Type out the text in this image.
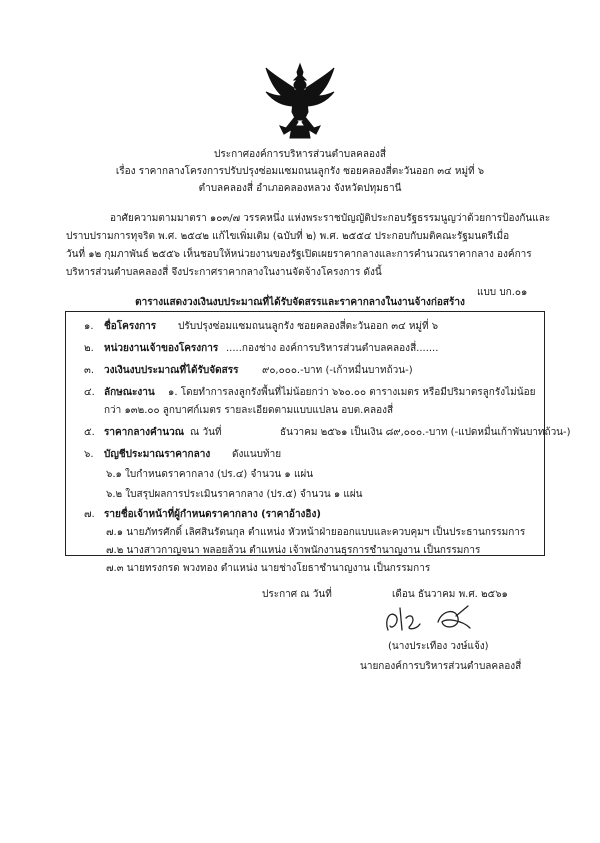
ประกาศองค์การบริหารส่วนตำบลคลองสี่
เรื่อง ราคากลางโครงการปรับปรุงซ่อมแซมถนนลูกรัง ซอยคลองสี่ตะวันออก ๓๔ หมู่ที่ ๖
ตำบลคลองสี่ อำเภอคลองหลวง จังหวัดปทุมธานี
อาศัยความตามมาตรา ๑๐๓/๗ วรรคหนึ่ง แห่งพระราชบัญญัติประกอบรัฐธรรมนูญว่าด้วยการป้องกันและ
ปราบปรามการทุจริต พ.ศ. ๒๕๔๒ แก้ไขเพิ่มเติม (ฉบับที่ ๒) พ.ศ. ๒๕๕๔ ประกอบกับมติคณะรัฐมนตรีเมื่อ
วันที่ ๑๒ กุมภาพันธ์ ๒๕๕๖ เห็นชอบให้หน่วยงานของรัฐเปิดเผยราคากลางและการคำนวณราคากลาง องค์การ
บริหารส่วนตำบลคลองสี่ จึงประกาศราคากลางในงานจัดจ้างโครงการ ดังนี้
แบบ บก.๐๑
ตารางแสดงวงเงินงบประมาณที่ได้รับจัดสรรและราคากลางในงานจ้างก่อสร้าง
๑. ชื่อโครงการ ปรับปรุงซ่อมแซมถนนลูกรัง ซอยคลองสี่ตะวันออก ๓๔ หมู่ที่ ๖
๒. หน่วยงานเจ้าของโครงการ .....กองช่าง องค์การบริหารส่วนตำบลคลองสี่.......
๓. วงเงินงบประมาณที่ได้รับจัดสรร ๙๐,๐๐๐.-บาท (-เก้าหมื่นบาทถ้วน-)
๔. ลักษณะงาน ๑. โดยทำการลงลูกรังพื้นที่ไม่น้อยกว่า ๖๖๐.๐๐ ตารางเมตร หรือมีปริมาตรลูกรังไม่น้อย
กว่า ๑๓๒.๐๐ ลูกบาศก์เมตร รายละเอียดตามแบบแปลน อบต.คลองสี่
๕. ราคากลางคำนวณ ณ วันที่	ธันวาคม ๒๕๖๑ เป็นเงิน ๘๙,๐๐๐.-บาท (-แปดหมื่นเก้าพันบาทถ้วน-)
๖. บัญชีประมาณราคากลาง ดังแนบท้าย
๖.๑ ใบกำหนดราคากลาง (ปร.๔) จำนวน ๑ แผ่น
๖.๒ ใบสรุปผลการประเมินราคากลาง (ปร.๕) จำนวน ๑ แผ่น
๗. รายชื่อเจ้าหน้าที่ผู้กำหนดราคากลาง (ราคาอ้างอิง)
๗.๑ นายภัทรศักดิ์ เลิศสินรัตนกุล ตำแหน่ง หัวหน้าฝ่ายออกแบบและควบคุมฯ เป็นประธานกรรมการ
๗.๒ นางสาวกาญจนา พลอยล้วน ตำแหน่ง เจ้าพนักงานธุรการชำนาญงาน เป็นกรรมการ
๗.๓ นายทรงกรด พวงทอง ตำแหน่ง นายช่างโยธาชำนาญงาน เป็นกรรมการ
ประกาศ ณ วันที่	เดือน ธันวาคม พ.ศ. ๒๕๖๑
(นางประเทือง วงษ์แจ้ง)
นายกองค์การบริหารส่วนตำบลคลองสี่
